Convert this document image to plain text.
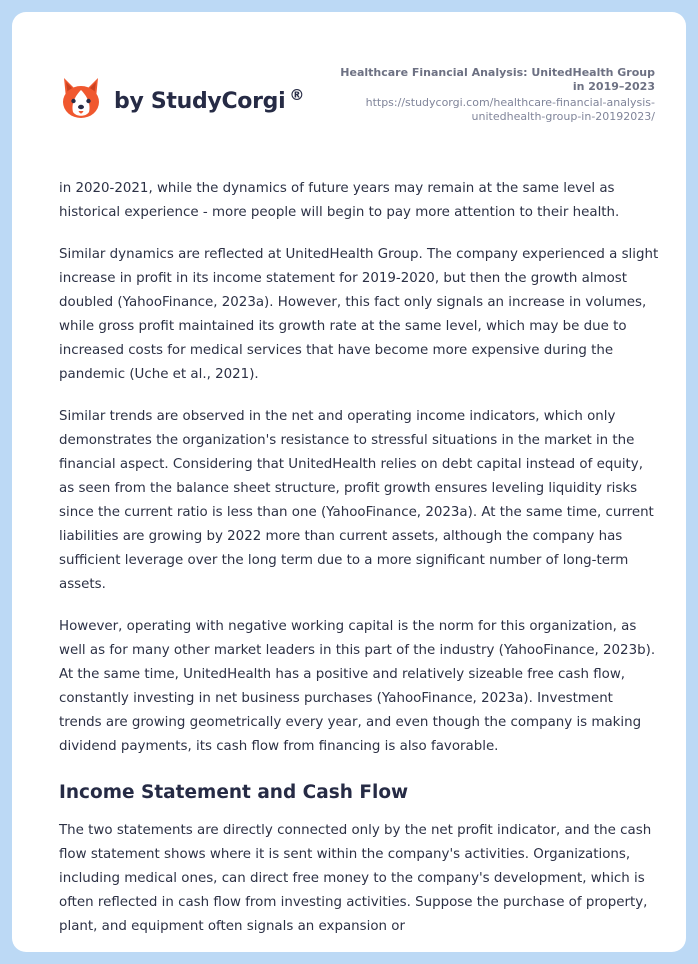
by StudyCorgi ®
Healthcare Financial Analysis: UnitedHealth Group in 2019–2023
https://studycorgi.com/healthcare-financial-analysis-unitedhealth-group-in-20192023/

in 2020-2021, while the dynamics of future years may remain at the same level as historical experience - more people will begin to pay more attention to their health.

Similar dynamics are reflected at UnitedHealth Group. The company experienced a slight increase in profit in its income statement for 2019-2020, but then the growth almost doubled (YahooFinance, 2023a). However, this fact only signals an increase in volumes, while gross profit maintained its growth rate at the same level, which may be due to increased costs for medical services that have become more expensive during the pandemic (Uche et al., 2021).

Similar trends are observed in the net and operating income indicators, which only demonstrates the organization's resistance to stressful situations in the market in the financial aspect. Considering that UnitedHealth relies on debt capital instead of equity, as seen from the balance sheet structure, profit growth ensures leveling liquidity risks since the current ratio is less than one (YahooFinance, 2023a). At the same time, current liabilities are growing by 2022 more than current assets, although the company has sufficient leverage over the long term due to a more significant number of long-term assets.

However, operating with negative working capital is the norm for this organization, as well as for many other market leaders in this part of the industry (YahooFinance, 2023b). At the same time, UnitedHealth has a positive and relatively sizeable free cash flow, constantly investing in net business purchases (YahooFinance, 2023a). Investment trends are growing geometrically every year, and even though the company is making dividend payments, its cash flow from financing is also favorable.

Income Statement and Cash Flow

The two statements are directly connected only by the net profit indicator, and the cash flow statement shows where it is sent within the company's activities. Organizations, including medical ones, can direct free money to the company's development, which is often reflected in cash flow from investing activities. Suppose the purchase of property, plant, and equipment often signals an expansion or
